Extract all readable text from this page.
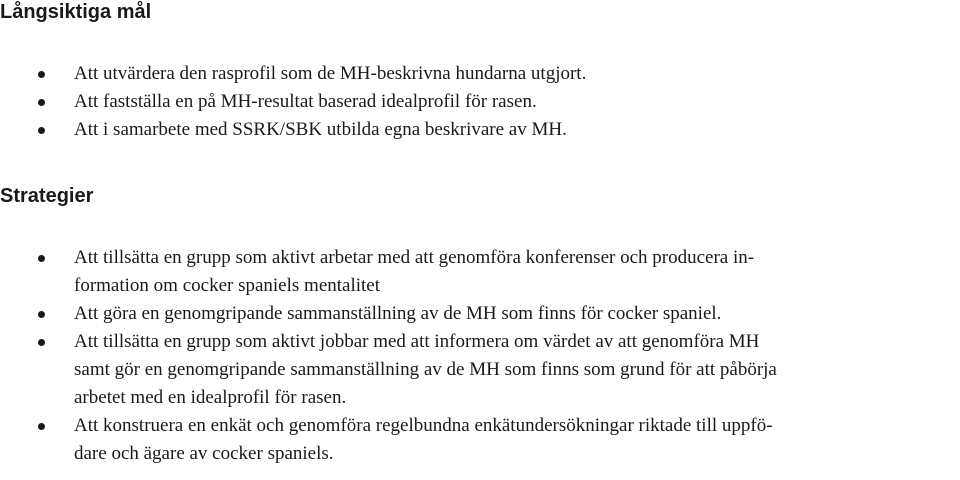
Långsiktiga mål
Att utvärdera den rasprofil som de MH-beskrivna hundarna utgjort.
Att fastställa en på MH-resultat baserad idealprofil för rasen.
Att i samarbete med SSRK/SBK utbilda egna beskrivare av MH.
Strategier
Att tillsätta en grupp som aktivt arbetar med att genomföra konferenser och producera in-
formation om cocker spaniels mentalitet
Att göra en genomgripande sammanställning av de MH som finns för cocker spaniel.
Att tillsätta en grupp som aktivt jobbar med att informera om värdet av att genomföra MH
samt gör en genomgripande sammanställning av de MH som finns som grund för att påbörja
arbetet med en idealprofil för rasen.
Att konstruera en enkät och genomföra regelbundna enkätundersökningar riktade till uppfö-
dare och ägare av cocker spaniels.
